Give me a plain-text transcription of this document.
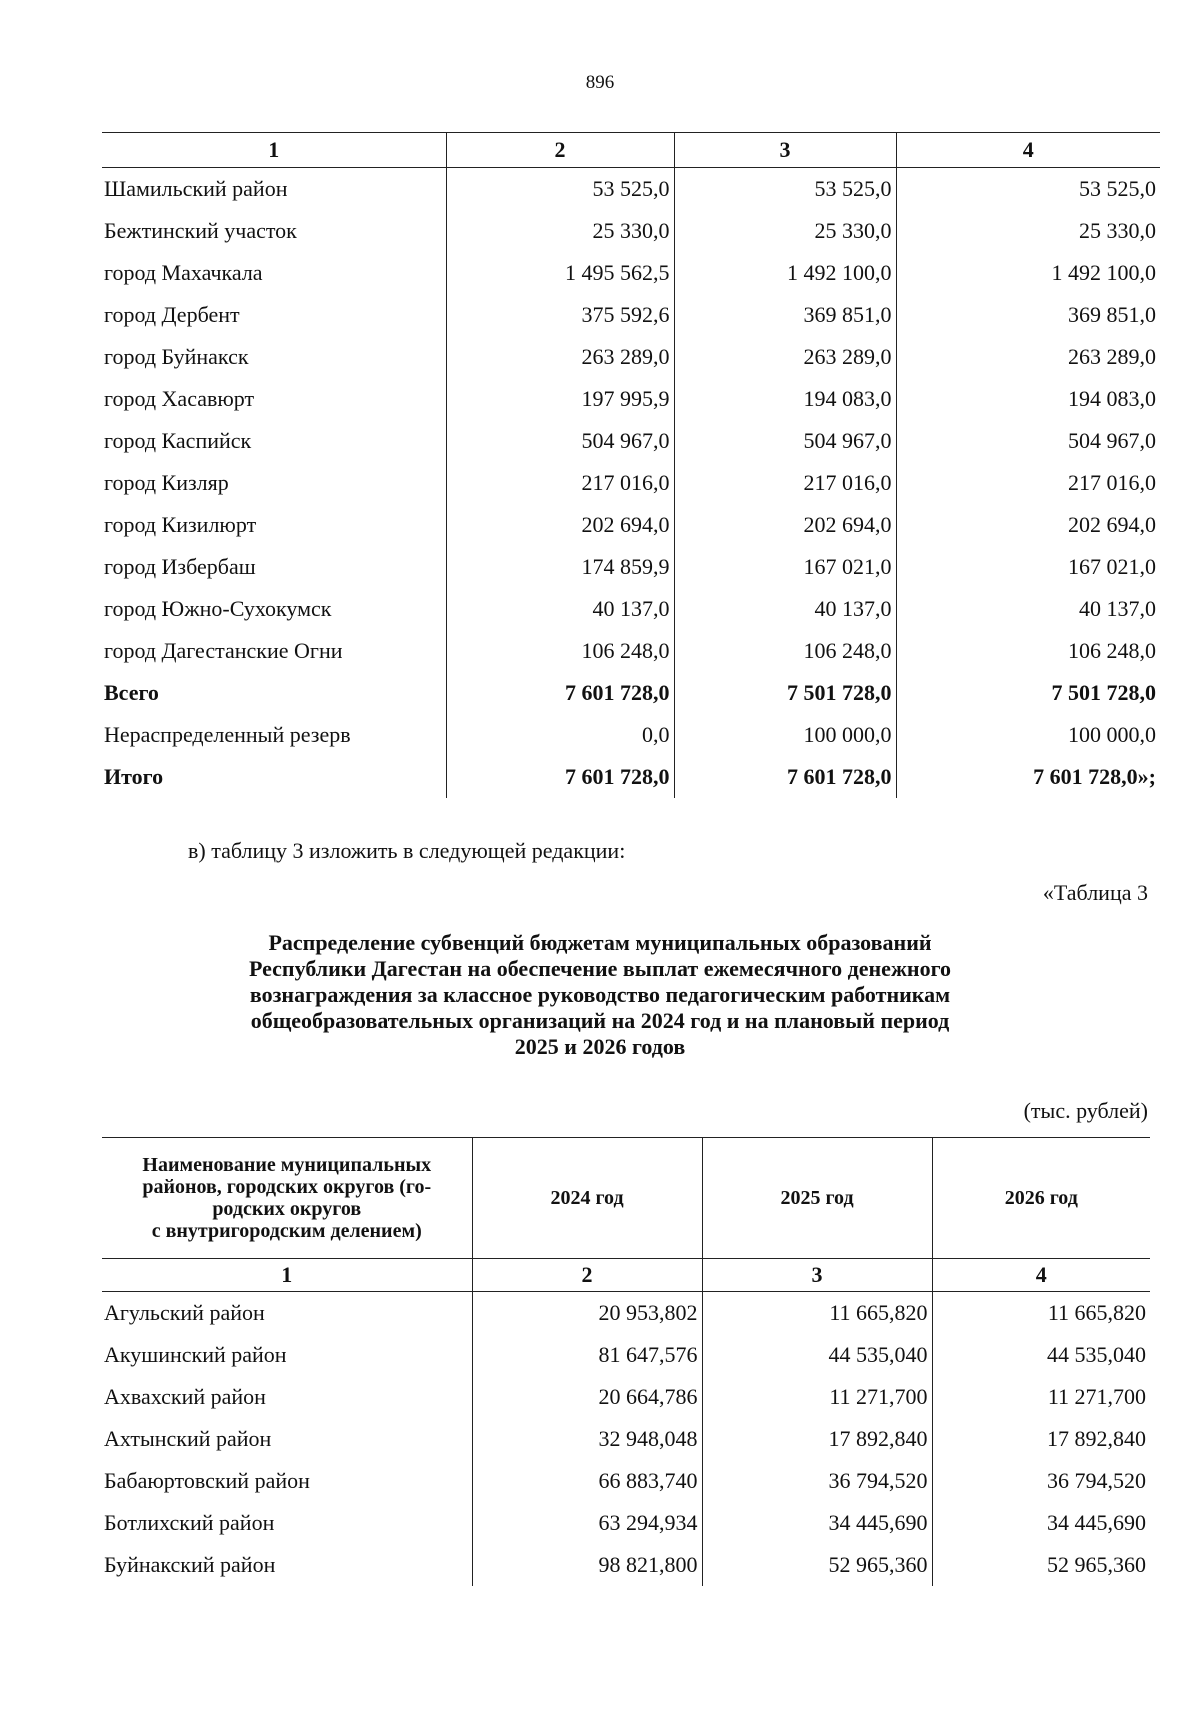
896
1	2	3	4
Шамильский район	53 525,0	53 525,0	53 525,0
Бежтинский участок	25 330,0	25 330,0	25 330,0
город Махачкала	1 495 562,5	1 492 100,0	1 492 100,0
город Дербент	375 592,6	369 851,0	369 851,0
город Буйнакск	263 289,0	263 289,0	263 289,0
город Хасавюрт	197 995,9	194 083,0	194 083,0
город Каспийск	504 967,0	504 967,0	504 967,0
город Кизляр	217 016,0	217 016,0	217 016,0
город Кизилюрт	202 694,0	202 694,0	202 694,0
город Избербаш	174 859,9	167 021,0	167 021,0
город Южно-Сухокумск	40 137,0	40 137,0	40 137,0
город Дагестанские Огни	106 248,0	106 248,0	106 248,0
Всего	7 601 728,0	7 501 728,0	7 501 728,0
Нераспределенный резерв	0,0	100 000,0	100 000,0
Итого	7 601 728,0	7 601 728,0	7 601 728,0»;
в) таблицу 3 изложить в следующей редакции:
«Таблица 3
Распределение субвенций бюджетам муниципальных образований
Республики Дагестан на обеспечение выплат ежемесячного денежного
вознаграждения за классное руководство педагогическим работникам
общеобразовательных организаций на 2024 год и на плановый период
2025 и 2026 годов
(тыс. рублей)
Наименование муниципальных
районов, городских округов (го-
родских округов
с внутригородским делением)	2024 год	2025 год	2026 год
1	2	3	4
Агульский район	20 953,802	11 665,820	11 665,820
Акушинский район	81 647,576	44 535,040	44 535,040
Ахвахский район	20 664,786	11 271,700	11 271,700
Ахтынский район	32 948,048	17 892,840	17 892,840
Бабаюртовский район	66 883,740	36 794,520	36 794,520
Ботлихский район	63 294,934	34 445,690	34 445,690
Буйнакский район	98 821,800	52 965,360	52 965,360
